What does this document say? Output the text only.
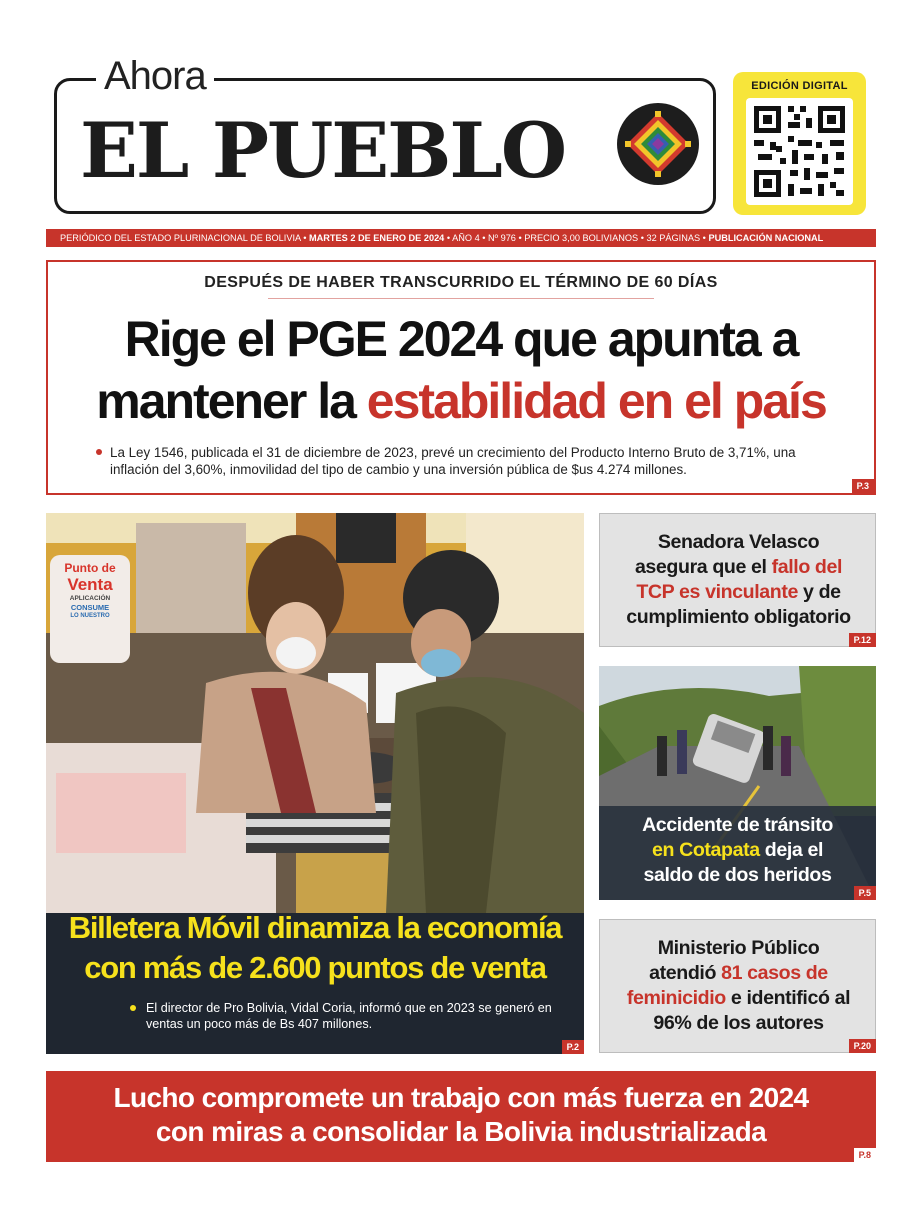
Ahora
EL PUEBLO
EDICIÓN DIGITAL
PERIÓDICO DEL ESTADO PLURINACIONAL DE BOLIVIA • MARTES 2 DE ENERO DE 2024 • AÑO 4 • Nº 976 • PRECIO 3,00 BOLIVIANOS • 32 PÁGINAS • PUBLICACIÓN NACIONAL
DESPUÉS DE HABER TRANSCURRIDO EL TÉRMINO DE 60 DÍAS
Rige el PGE 2024 que apunta a
mantener la estabilidad en el país
La Ley 1546, publicada el 31 de diciembre de 2023, prevé un crecimiento del Producto Interno Bruto de 3,71%, una inflación del 3,60%, inmovilidad del tipo de cambio y una inversión pública de $us 4.274 millones.
P.3
Punto de
Venta
APLICACIÓN
CONSUME
LO NUESTRO
Billetera Móvil dinamiza la economía
con más de 2.600 puntos de venta
El director de Pro Bolivia, Vidal Coria, informó que en 2023 se generó en ventas un poco más de Bs 407 millones.
P.2
Senadora Velasco
asegura que el fallo del
TCP es vinculante y de
cumplimiento obligatorio
P.12
Accidente de tránsito
en Cotapata deja el
saldo de dos heridos
P.5
Ministerio Público
atendió 81 casos de
feminicidio e identificó al
96% de los autores
P.20
Lucho compromete un trabajo con más fuerza en 2024
con miras a consolidar la Bolivia industrializada
P.8
